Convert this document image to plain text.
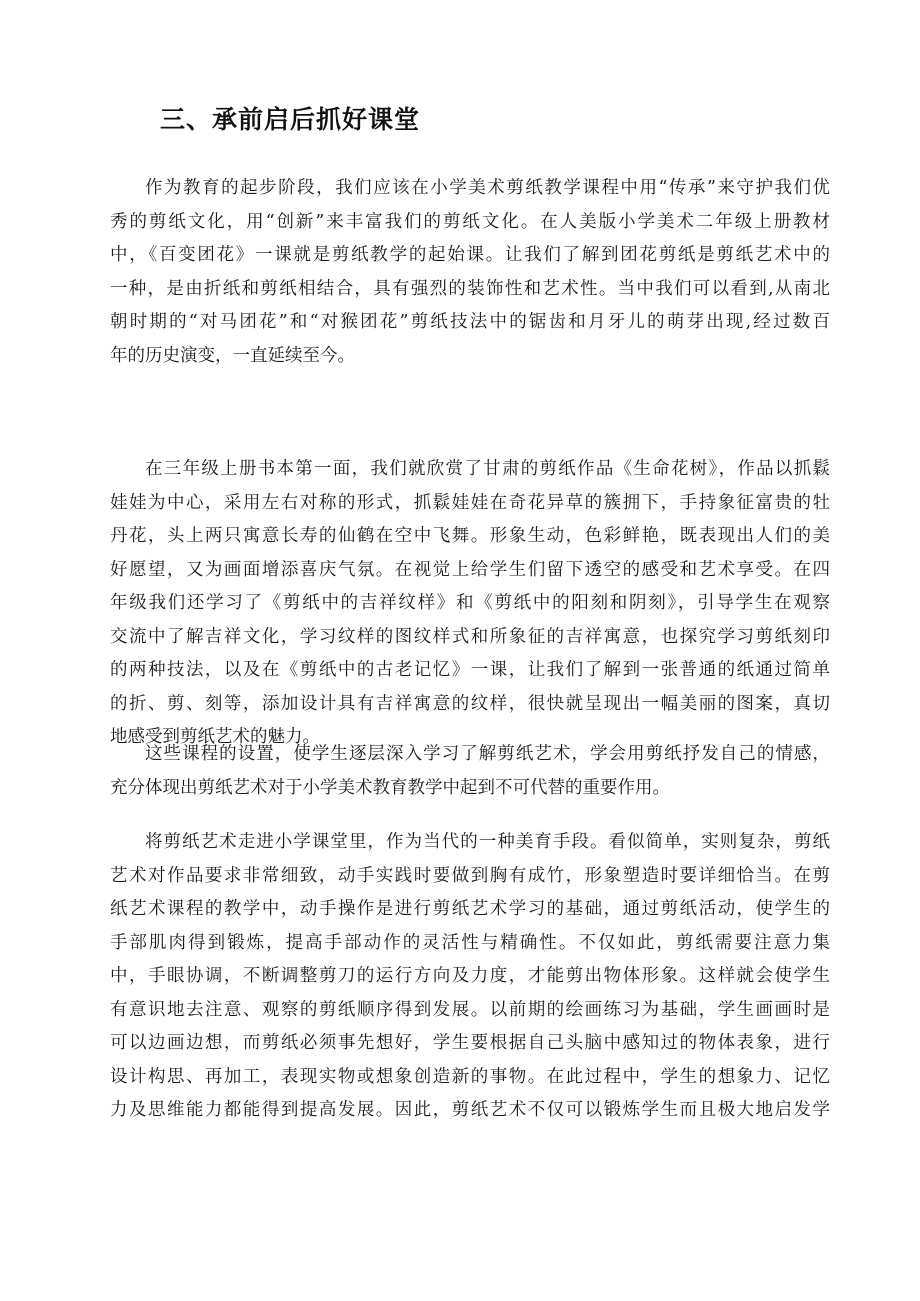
三、承前启后抓好课堂

作为教育的起步阶段，我们应该在小学美术剪纸教学课程中用“传承”来守护我们优
秀的剪纸文化，用“创新”来丰富我们的剪纸文化。在人美版小学美术二年级上册教材
中，《百变团花》一课就是剪纸教学的起始课。让我们了解到团花剪纸是剪纸艺术中的
一种，是由折纸和剪纸相结合，具有强烈的装饰性和艺术性。当中我们可以看到,从南北
朝时期的“对马团花”和“对猴团花”剪纸技法中的锯齿和月牙儿的萌芽出现,经过数百
年的历史演变，一直延续至今。

在三年级上册书本第一面，我们就欣赏了甘肃的剪纸作品《生命花树》，作品以抓鬏
娃娃为中心，采用左右对称的形式，抓鬏娃娃在奇花异草的簇拥下，手持象征富贵的牡
丹花，头上两只寓意长寿的仙鹤在空中飞舞。形象生动，色彩鲜艳，既表现出人们的美
好愿望，又为画面增添喜庆气氛。在视觉上给学生们留下透空的感受和艺术享受。在四
年级我们还学习了《剪纸中的吉祥纹样》和《剪纸中的阳刻和阴刻》，引导学生在观察
交流中了解吉祥文化，学习纹样的图纹样式和所象征的吉祥寓意，也探究学习剪纸刻印
的两种技法，以及在《剪纸中的古老记忆》一课，让我们了解到一张普通的纸通过简单
的折、剪、刻等，添加设计具有吉祥寓意的纹样，很快就呈现出一幅美丽的图案，真切
地感受到剪纸艺术的魅力。

这些课程的设置，使学生逐层深入学习了解剪纸艺术，学会用剪纸抒发自己的情感，
充分体现出剪纸艺术对于小学美术教育教学中起到不可代替的重要作用。

将剪纸艺术走进小学课堂里，作为当代的一种美育手段。看似简单，实则复杂，剪纸
艺术对作品要求非常细致，动手实践时要做到胸有成竹，形象塑造时要详细恰当。在剪
纸艺术课程的教学中，动手操作是进行剪纸艺术学习的基础，通过剪纸活动，使学生的
手部肌肉得到锻炼，提高手部动作的灵活性与精确性。不仅如此，剪纸需要注意力集
中，手眼协调，不断调整剪刀的运行方向及力度，才能剪出物体形象。这样就会使学生
有意识地去注意、观察的剪纸顺序得到发展。以前期的绘画练习为基础，学生画画时是
可以边画边想，而剪纸必须事先想好，学生要根据自己头脑中感知过的物体表象，进行
设计构思、再加工，表现实物或想象创造新的事物。在此过程中，学生的想象力、记忆
力及思维能力都能得到提高发展。因此，剪纸艺术不仅可以锻炼学生而且极大地启发学
